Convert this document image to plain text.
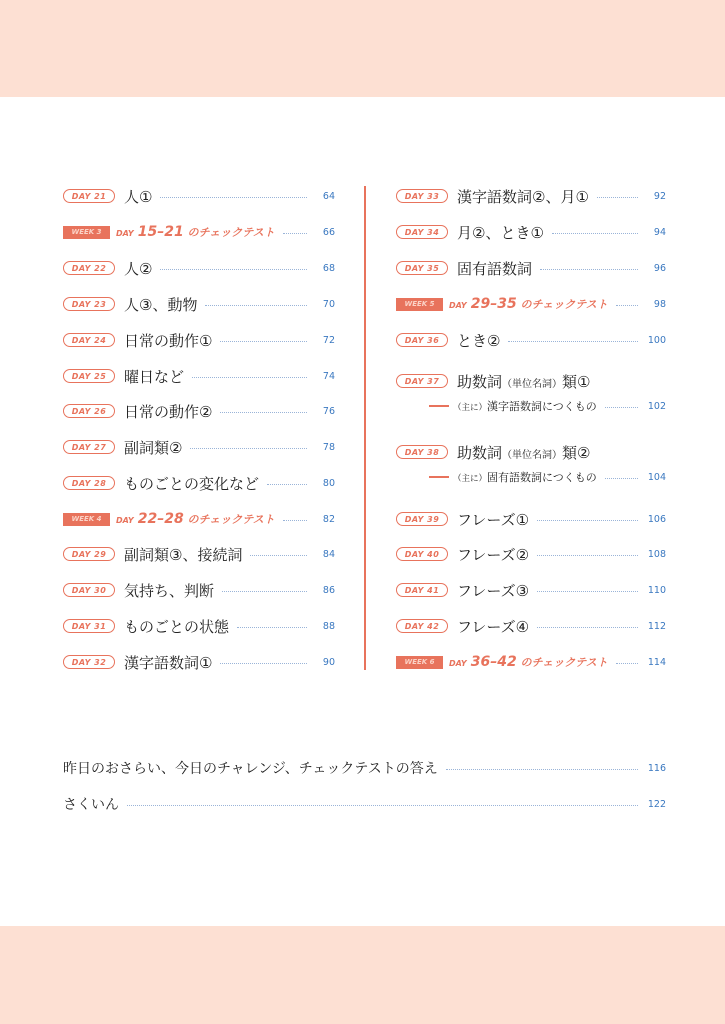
DAY 21	人①	64
WEEK 3	DAY 15–21 のチェックテスト	66
DAY 22	人②	68
DAY 23	人③、動物	70
DAY 24	日常の動作①	72
DAY 25	曜日など	74
DAY 26	日常の動作②	76
DAY 27	副詞類②	78
DAY 28	ものごとの変化など	80
WEEK 4	DAY 22–28 のチェックテスト	82
DAY 29	副詞類③、接続詞	84
DAY 30	気持ち、判断	86
DAY 31	ものごとの状態	88
DAY 32	漢字語数詞①	90
DAY 33	漢字語数詞②、月①	92
DAY 34	月②、とき①	94
DAY 35	固有語数詞	96
WEEK 5	DAY 29–35 のチェックテスト	98
DAY 36	とき②	100
DAY 37	助数詞（単位名詞）類①
（主に）漢字語数詞につくもの	102
DAY 38	助数詞（単位名詞）類②
（主に）固有語数詞につくもの	104
DAY 39	フレーズ①	106
DAY 40	フレーズ②	108
DAY 41	フレーズ③	110
DAY 42	フレーズ④	112
WEEK 6	DAY 36–42 のチェックテスト	114
昨日のおさらい、今日のチャレンジ、チェックテストの答え	116
さくいん	122
